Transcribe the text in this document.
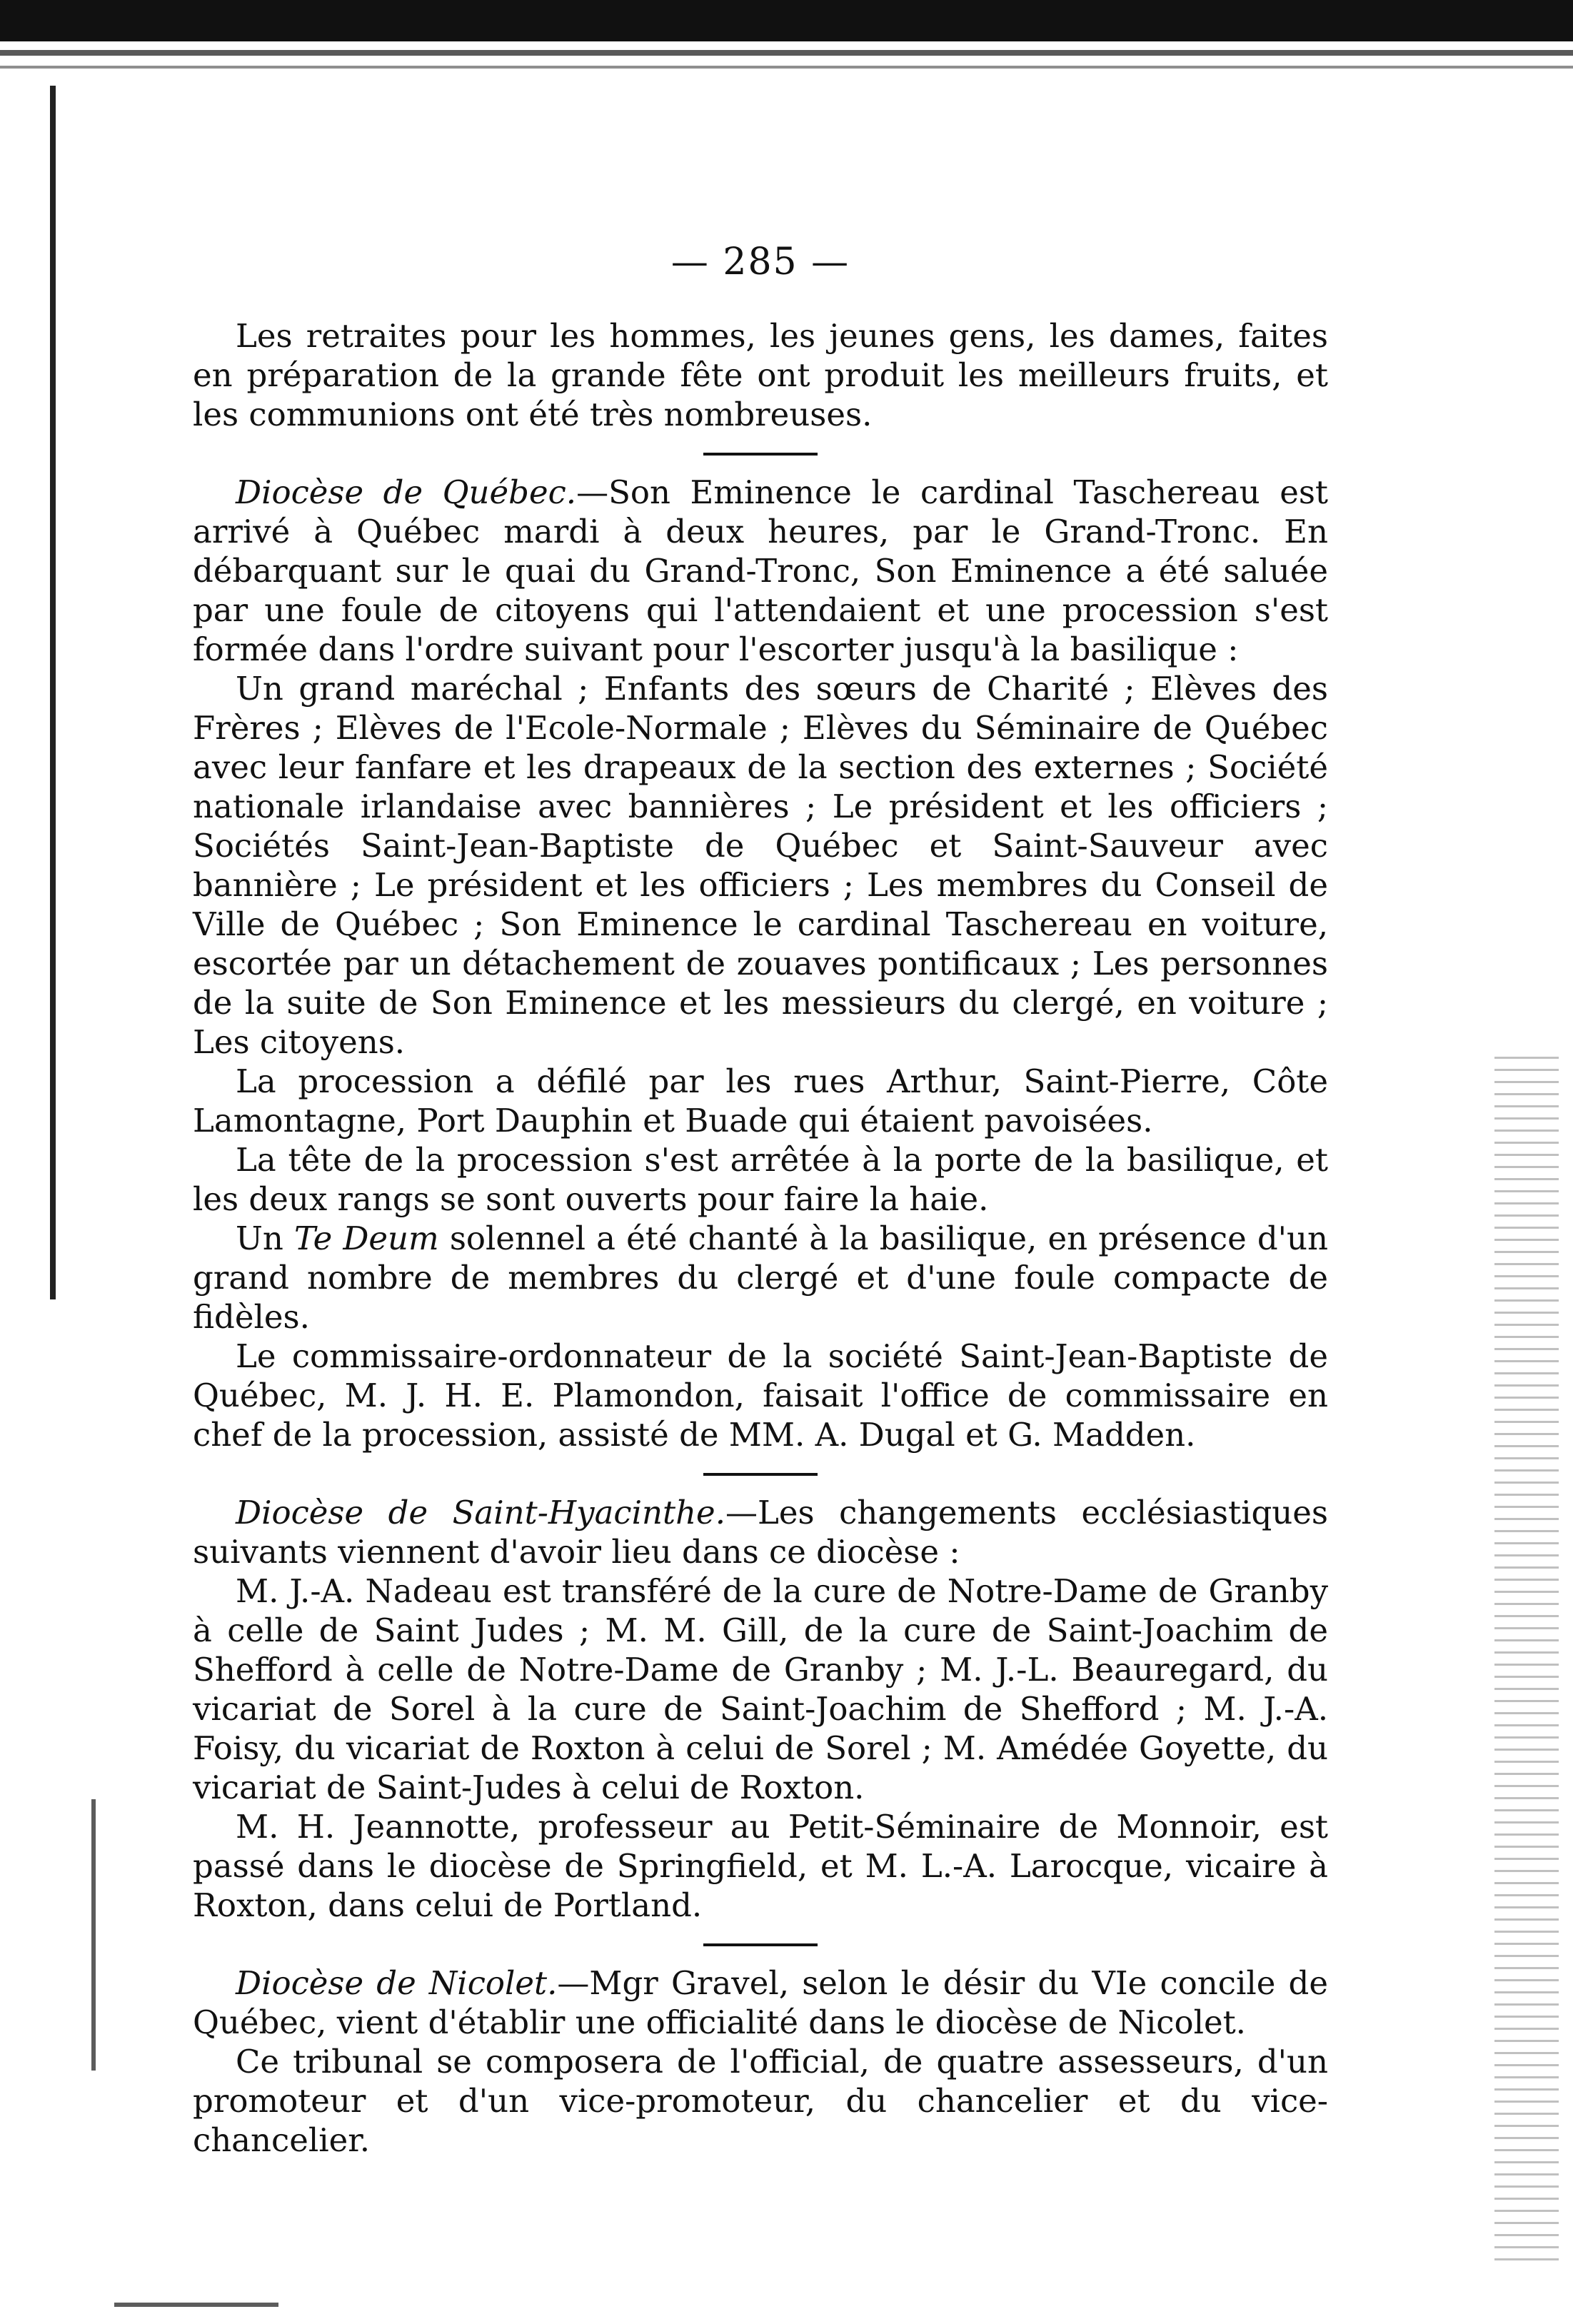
— 285 —

Les retraites pour les hommes, les jeunes gens, les dames, faites en préparation de la grande fête ont produit les meilleurs fruits, et les communions ont été très nombreuses.

Diocèse de Québec.—Son Eminence le cardinal Taschereau est arrivé à Québec mardi à deux heures, par le Grand-Tronc. En débarquant sur le quai du Grand-Tronc, Son Eminence a été saluée par une foule de citoyens qui l'attendaient et une procession s'est formée dans l'ordre suivant pour l'escorter jusqu'à la basilique :

Un grand maréchal ; Enfants des sœurs de Charité ; Elèves des Frères ; Elèves de l'Ecole-Normale ; Elèves du Séminaire de Québec avec leur fanfare et les drapeaux de la section des externes ; Société nationale irlandaise avec bannières ; Le président et les officiers ; Sociétés Saint-Jean-Baptiste de Québec et Saint-Sauveur avec bannière ; Le président et les officiers ; Les membres du Conseil de Ville de Québec ; Son Eminence le cardinal Taschereau en voiture, escortée par un détachement de zouaves pontificaux ; Les personnes de la suite de Son Eminence et les messieurs du clergé, en voiture ; Les citoyens.

La procession a défilé par les rues Arthur, Saint-Pierre, Côte Lamontagne, Port Dauphin et Buade qui étaient pavoisées.

La tête de la procession s'est arrêtée à la porte de la basilique, et les deux rangs se sont ouverts pour faire la haie.

Un Te Deum solennel a été chanté à la basilique, en présence d'un grand nombre de membres du clergé et d'une foule compacte de fidèles.

Le commissaire-ordonnateur de la société Saint-Jean-Baptiste de Québec, M. J. H. E. Plamondon, faisait l'office de commissaire en chef de la procession, assisté de MM. A. Dugal et G. Madden.

Diocèse de Saint-Hyacinthe.—Les changements ecclésiastiques suivants viennent d'avoir lieu dans ce diocèse :

M. J.-A. Nadeau est transféré de la cure de Notre-Dame de Granby à celle de Saint Judes ; M. M. Gill, de la cure de Saint-Joachim de Shefford à celle de Notre-Dame de Granby ; M. J.-L. Beauregard, du vicariat de Sorel à la cure de Saint-Joachim de Shefford ; M. J.-A. Foisy, du vicariat de Roxton à celui de Sorel ; M. Amédée Goyette, du vicariat de Saint-Judes à celui de Roxton.

M. H. Jeannotte, professeur au Petit-Séminaire de Monnoir, est passé dans le diocèse de Springfield, et M. L.-A. Larocque, vicaire à Roxton, dans celui de Portland.

Diocèse de Nicolet.—Mgr Gravel, selon le désir du VIe concile de Québec, vient d'établir une officialité dans le diocèse de Nicolet.

Ce tribunal se composera de l'official, de quatre assesseurs, d'un promoteur et d'un vice-promoteur, du chancelier et du vice-chancelier.
